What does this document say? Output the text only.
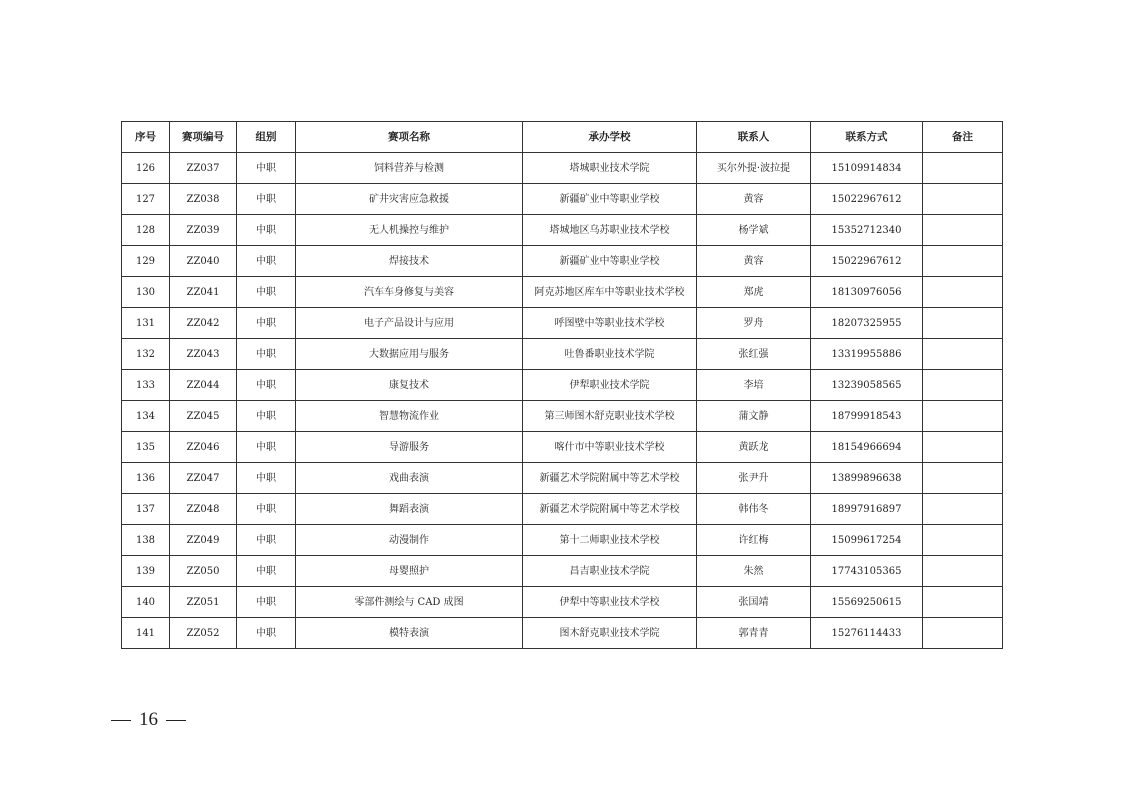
序号	赛项编号	组别	赛项名称	承办学校	联系人	联系方式	备注
126	ZZ037	中职	饲料营养与检测	塔城职业技术学院	买尔外提·波拉提	15109914834	
127	ZZ038	中职	矿井灾害应急救援	新疆矿业中等职业学校	黄容	15022967612	
128	ZZ039	中职	无人机操控与维护	塔城地区乌苏职业技术学校	杨学斌	15352712340	
129	ZZ040	中职	焊接技术	新疆矿业中等职业学校	黄容	15022967612	
130	ZZ041	中职	汽车车身修复与美容	阿克苏地区库车中等职业技术学校	郑虎	18130976056	
131	ZZ042	中职	电子产品设计与应用	呼图壁中等职业技术学校	罗舟	18207325955	
132	ZZ043	中职	大数据应用与服务	吐鲁番职业技术学院	张红强	13319955886	
133	ZZ044	中职	康复技术	伊犁职业技术学院	李培	13239058565	
134	ZZ045	中职	智慧物流作业	第三师图木舒克职业技术学校	蒲文静	18799918543	
135	ZZ046	中职	导游服务	喀什市中等职业技术学校	黄跃龙	18154966694	
136	ZZ047	中职	戏曲表演	新疆艺术学院附属中等艺术学校	张尹升	13899896638	
137	ZZ048	中职	舞蹈表演	新疆艺术学院附属中等艺术学校	韩伟冬	18997916897	
138	ZZ049	中职	动漫制作	第十二师职业技术学校	许红梅	15099617254	
139	ZZ050	中职	母婴照护	昌吉职业技术学院	朱然	17743105365	
140	ZZ051	中职	零部件测绘与 CAD 成图	伊犁中等职业技术学校	张国靖	15569250615	
141	ZZ052	中职	模特表演	图木舒克职业技术学院	郭青青	15276114433	
16
